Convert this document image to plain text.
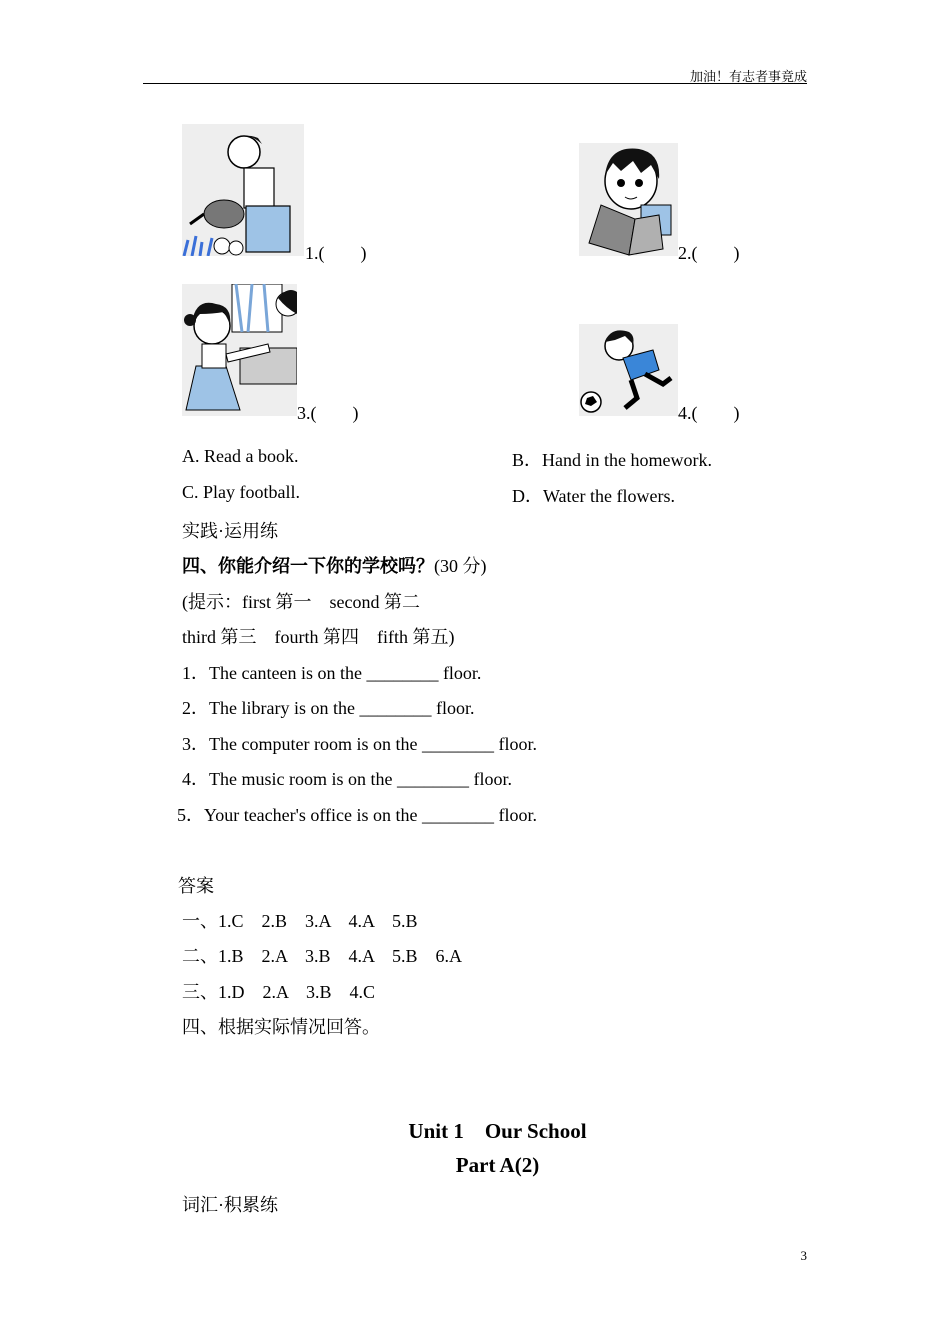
加油！有志者事竟成
1.(　　)	2.(　　)
3.(　　)	4.(　　)
A. Read a book.	B．Hand in the homework.
C. Play football.	D．Water the flowers.
实践·运用练
四、你能介绍一下你的学校吗？(30 分)
(提示：first 第一　second 第二
third 第三　fourth 第四　fifth 第五)
1．The canteen is on the ________ floor.
2．The library is on the ________ floor.
3．The computer room is on the ________ floor.
4．The music room is on the ________ floor.
5．Your teacher's office is on the ________ floor.
答案
一、1.C　2.B　3.A　4.A　5.B
二、1.B　2.A　3.B　4.A　5.B　6.A
三、1.D　2.A　3.B　4.C
四、根据实际情况回答。
Unit 1　Our School
Part A(2)
词汇·积累练
3
